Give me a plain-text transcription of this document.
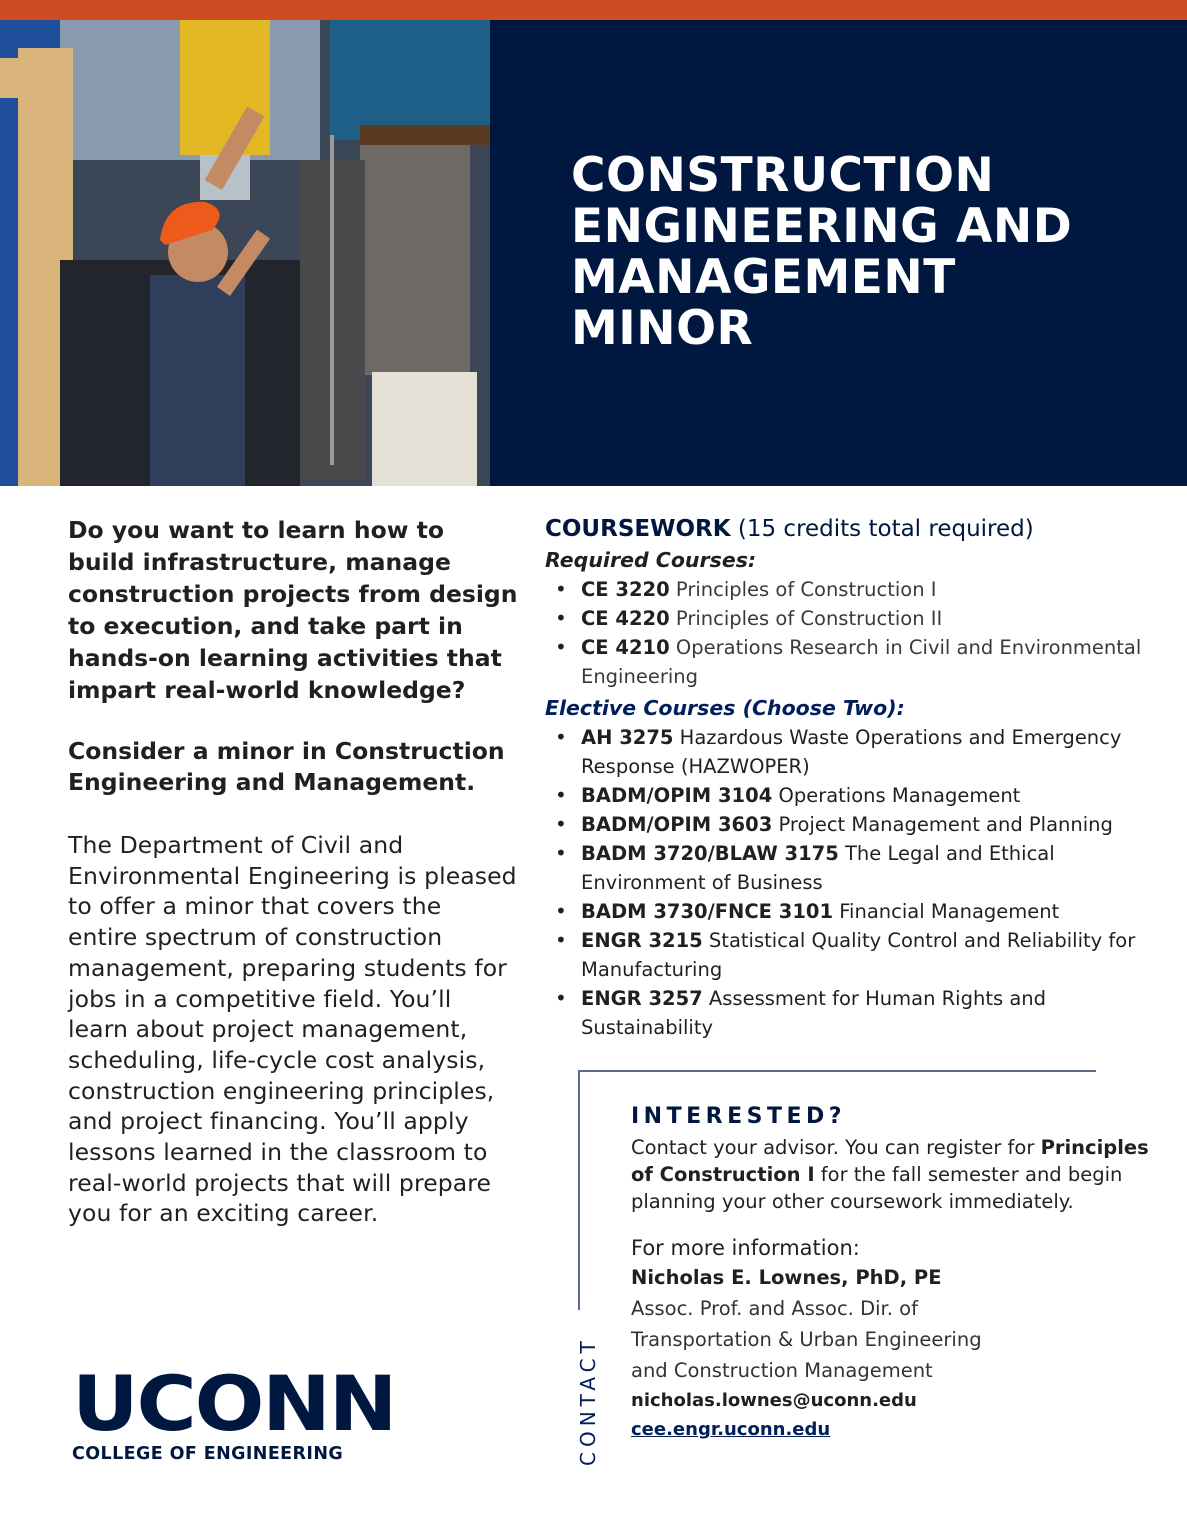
CONSTRUCTION
ENGINEERING AND
MANAGEMENT
MINOR

Do you want to learn how to build infrastructure, manage construction projects from design to execution, and take part in hands-on learning activities that impart real-world knowledge?

Consider a minor in Construction Engineering and Management.

The Department of Civil and Environmental Engineering is pleased to offer a minor that covers the entire spectrum of construction management, preparing students for jobs in a competitive field. You’ll learn about project management, scheduling, life-cycle cost analysis, construction engineering principles, and project financing. You’ll apply lessons learned in the classroom to real-world projects that will prepare you for an exciting career.

UCONN
COLLEGE OF ENGINEERING
COURSEWORK (15 credits total required)
Required Courses:
• CE 3220 Principles of Construction I
• CE 4220 Principles of Construction II
• CE 4210 Operations Research in Civil and Environmental Engineering
Elective Courses (Choose Two):
• AH 3275 Hazardous Waste Operations and Emergency Response (HAZWOPER)
• BADM/OPIM 3104 Operations Management
• BADM/OPIM 3603 Project Management and Planning
• BADM 3720/BLAW 3175 The Legal and Ethical Environment of Business
• BADM 3730/FNCE 3101 Financial Management
• ENGR 3215 Statistical Quality Control and Reliability for Manufacturing
• ENGR 3257 Assessment for Human Rights and Sustainability
CONTACT
INTERESTED?

Contact your advisor. You can register for Principles of Construction I for the fall semester and begin planning your other coursework immediately.

For more information:
Nicholas E. Lownes, PhD, PE
Assoc. Prof. and Assoc. Dir. of
Transportation & Urban Engineering
and Construction Management
nicholas.lownes@uconn.edu
cee.engr.uconn.edu
